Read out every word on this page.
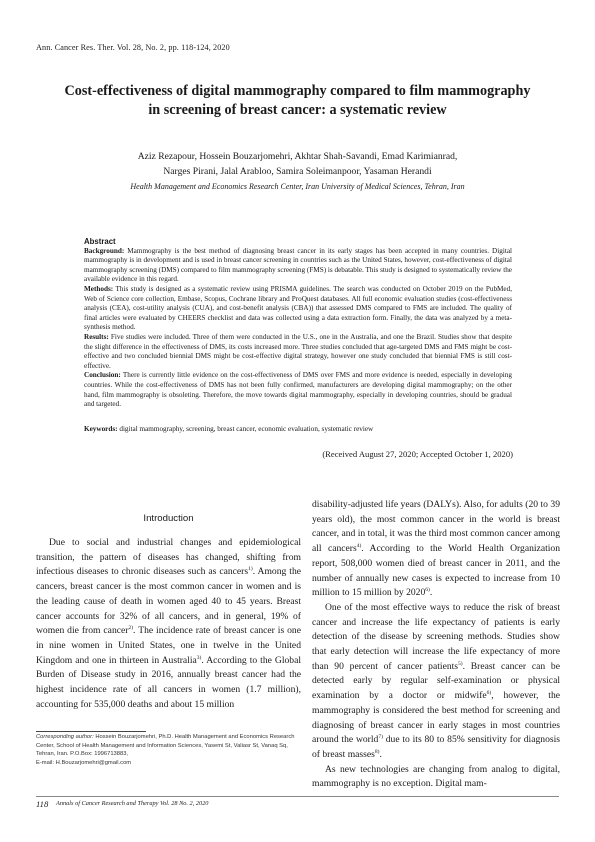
Ann. Cancer Res. Ther. Vol. 28, No. 2, pp. 118-124, 2020
Cost-effectiveness of digital mammography compared to film mammography
in screening of breast cancer: a systematic review
Aziz Rezapour, Hossein Bouzarjomehri, Akhtar Shah-Savandi, Emad Karimianrad,
Narges Pirani, Jalal Arabloo, Samira Soleimanpoor, Yasaman Herandi
Health Management and Economics Research Center, Iran University of Medical Sciences, Tehran, Iran
Abstract

Background: Mammography is the best method of diagnosing breast cancer in its early stages has been accepted in many countries. Digital mammography is in development and is used in breast cancer screening in countries such as the United States, however, cost-effectiveness of digital mammography screening (DMS) compared to film mammography screening (FMS) is debatable. This study is designed to systematically review the available evidence in this regard.

Methods: This study is designed as a systematic review using PRISMA guidelines. The search was conducted on October 2019 on the PubMed, Web of Science core collection, Embase, Scopus, Cochrane library and ProQuest databases. All full economic evaluation studies (cost-effectiveness analysis (CEA), cost-utility analysis (CUA), and cost-benefit analysis (CBA)) that assessed DMS compared to FMS are included. The quality of final articles were evaluated by CHEERS checklist and data was collected using a data extraction form. Finally, the data was analyzed by a meta-synthesis method.

Results: Five studies were included. Three of them were conducted in the U.S., one in the Australia, and one the Brazil. Studies show that despite the slight difference in the effectiveness of DMS, its costs increased more. Three studies concluded that age-targeted DMS and FMS might be cost-effective and two concluded biennial DMS might be cost-effective digital strategy, however one study concluded that biennial FMS is still cost-effective.

Conclusion: There is currently little evidence on the cost-effectiveness of DMS over FMS and more evidence is needed, especially in developing countries. While the cost-effectiveness of DMS has not been fully confirmed, manufacturers are developing digital mammography; on the other hand, film mammography is obsoleting. Therefore, the move towards digital mammography, especially in developing countries, should be gradual and targeted.

Keywords: digital mammography, screening, breast cancer, economic evaluation, systematic review
(Received August 27, 2020; Accepted October 1, 2020)
Introduction

Due to social and industrial changes and epidemiological transition, the pattern of diseases has changed, shifting from infectious diseases to chronic diseases such as cancers$^{1)}$. Among the cancers, breast cancer is the most common cancer in women and is the leading cause of death in women aged 40 to 45 years. Breast cancer accounts for 32% of all cancers, and in general, 19% of women die from cancer$^{2)}$. The incidence rate of breast cancer is one in nine women in United States, one in twelve in the United Kingdom and one in thirteen in Australia$^{3)}$. According to the Global Burden of Disease study in 2016, annually breast cancer had the highest incidence rate of all cancers in women (1.7 million), accounting for 535,000 deaths and about 15 million

disability-adjusted life years (DALYs). Also, for adults (20 to 39 years old), the most common cancer in the world is breast cancer, and in total, it was the third most common cancer among all cancers$^{4)}$. According to the World Health Organization report, 508,000 women died of breast cancer in 2011, and the number of annually new cases is expected to increase from 10 million to 15 million by 2020$^{6)}$.

One of the most effective ways to reduce the risk of breast cancer and increase the life expectancy of patients is early detection of the disease by screening methods. Studies show that early detection will increase the life expectancy of more than 90 percent of cancer patients$^{5)}$. Breast cancer can be detected early by regular self-examination or physical examination by a doctor or midwife$^{6)}$, however, the mammography is considered the best method for screening and diagnosing of breast cancer in early stages in most countries around the world$^{7)}$ due to its 80 to 85% sensitivity for diagnosis of breast masses$^{8)}$.

As new technologies are changing from analog to digital, mammography is no exception. Digital mam-

Corresponding author: Hossein Bouzarjomehri, Ph.D. Health Management and Economics Research Center, School of Health Management and Information Sciences, Yasemi St, Valiasr St, Vanaq Sq, Tehran, Iran. P.O.Box: 1996713883,
E-mail: H.Bouzarjomehri@gmail.com
118 Annals of Cancer Research and Therapy Vol. 28 No. 2, 2020
